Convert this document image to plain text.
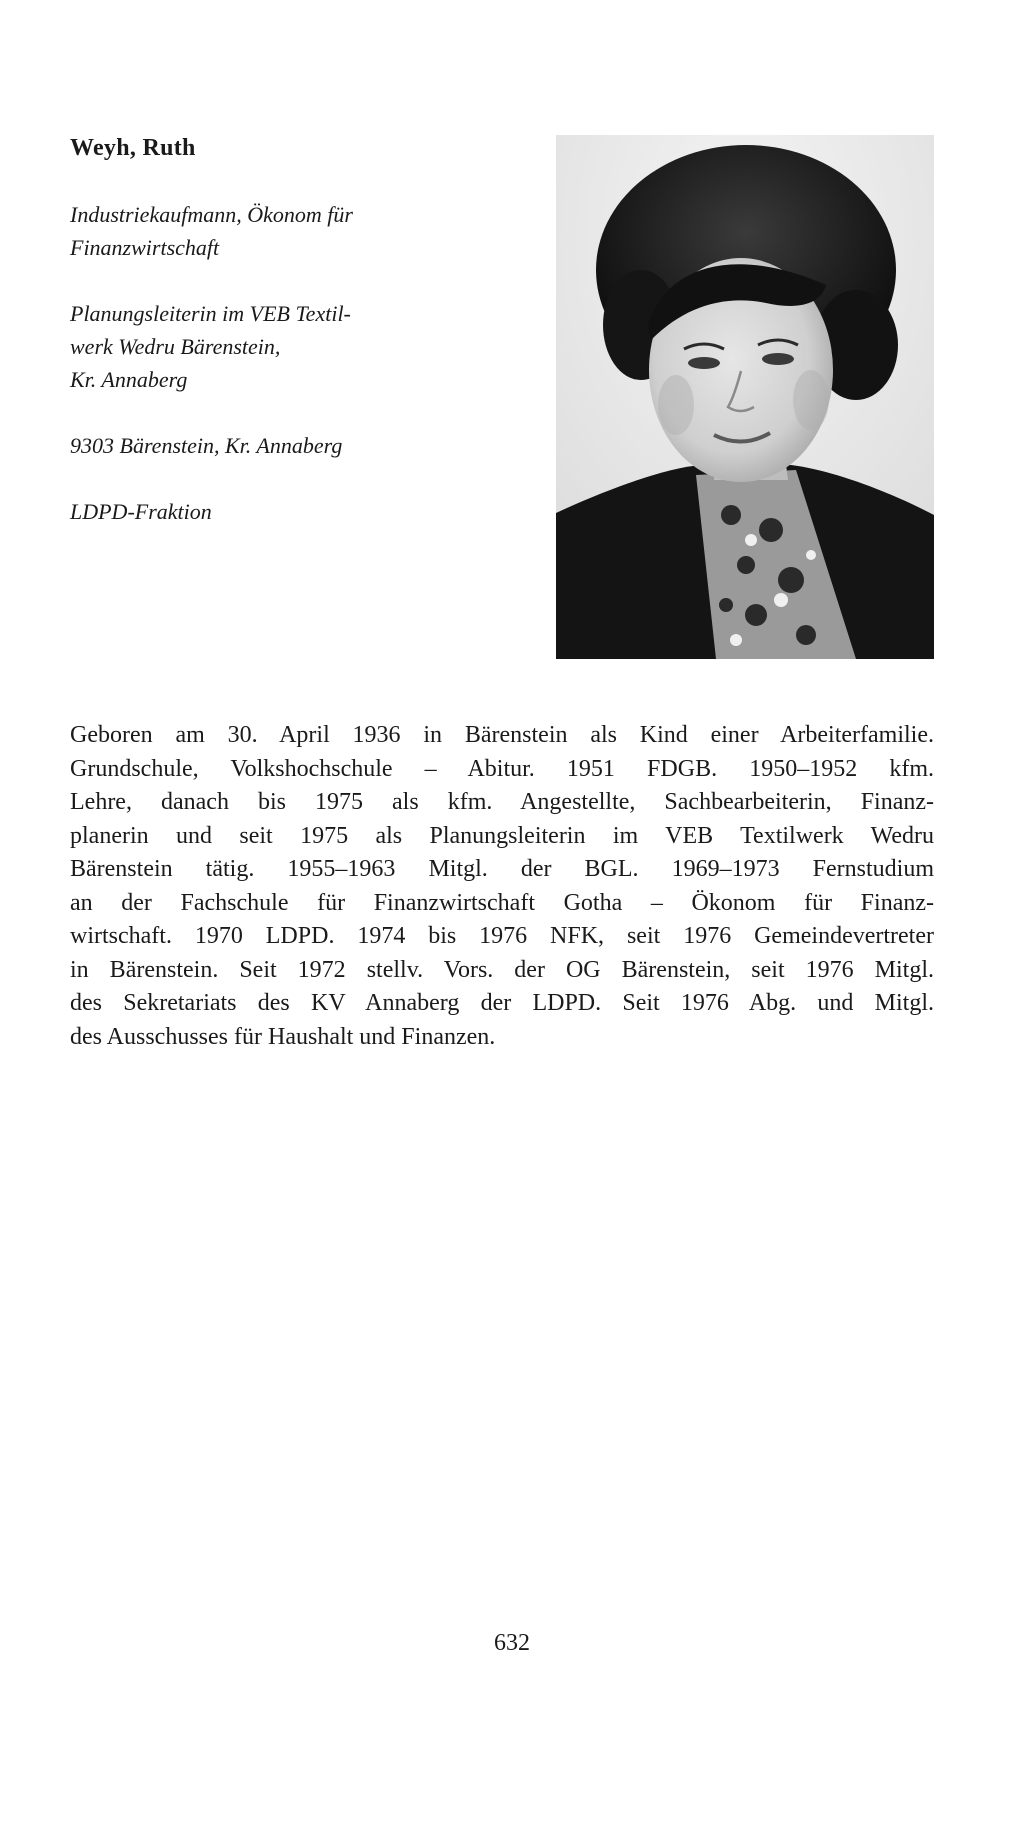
Weyh, Ruth
Industriekaufmann, Ökonom für
Finanzwirtschaft
Planungsleiterin im VEB Textil-
werk Wedru Bärenstein,
Kr. Annaberg
9303 Bärenstein, Kr. Annaberg
LDPD-Fraktion
Geboren am 30. April 1936 in Bärenstein als Kind einer Arbeiterfamilie.
Grundschule, Volkshochschule – Abitur. 1951 FDGB. 1950–1952 kfm.
Lehre, danach bis 1975 als kfm. Angestellte, Sachbearbeiterin, Finanz-
planerin und seit 1975 als Planungsleiterin im VEB Textilwerk Wedru
Bärenstein tätig. 1955–1963 Mitgl. der BGL. 1969–1973 Fernstudium
an der Fachschule für Finanzwirtschaft Gotha – Ökonom für Finanz-
wirtschaft. 1970 LDPD. 1974 bis 1976 NFK, seit 1976 Gemeindevertreter
in Bärenstein. Seit 1972 stellv. Vors. der OG Bärenstein, seit 1976 Mitgl.
des Sekretariats des KV Annaberg der LDPD. Seit 1976 Abg. und Mitgl.
des Ausschusses für Haushalt und Finanzen.
632
